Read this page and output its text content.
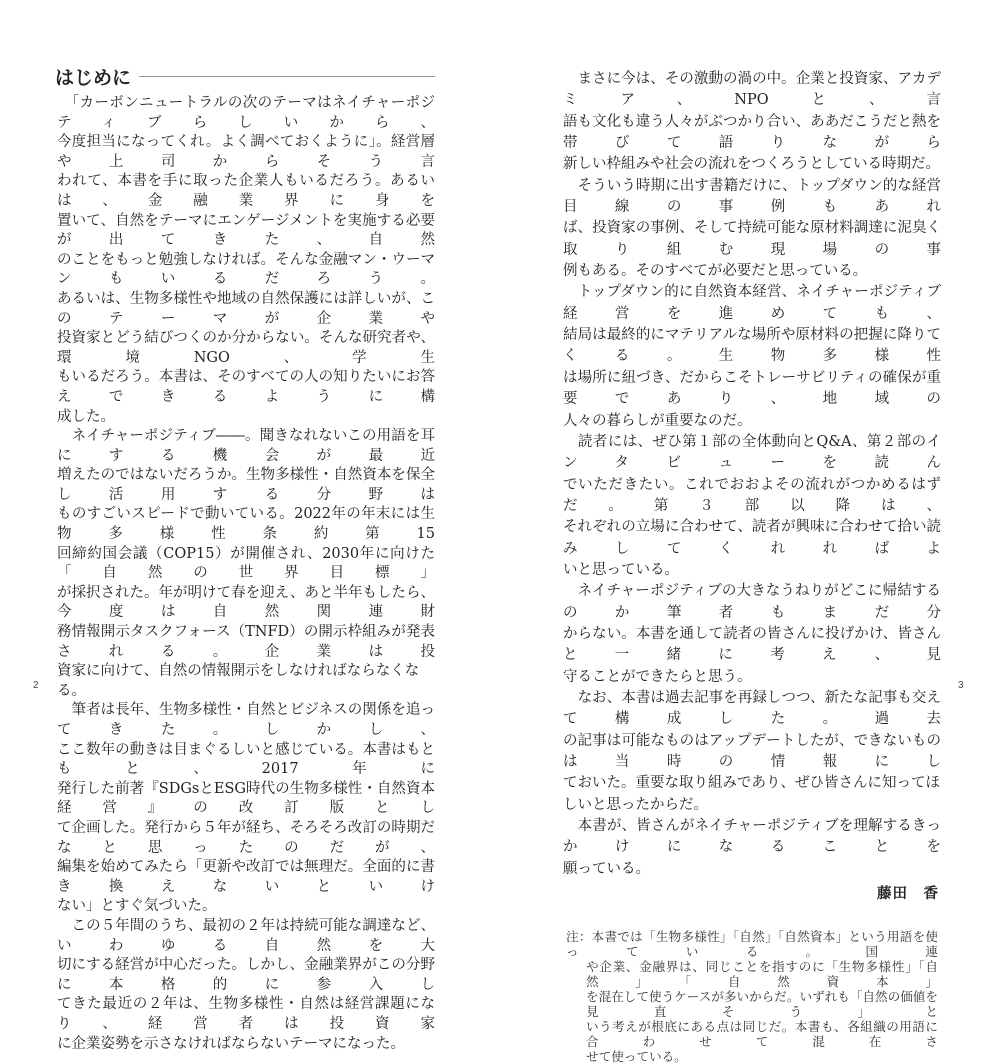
はじめに
　「カーボンニュートラルの次のテーマはネイチャーポジティブらしいから、
今度担当になってくれ。よく調べておくように」。経営層や上司からそう言
われて、本書を手に取った企業人もいるだろう。あるいは、金融業界に身を
置いて、自然をテーマにエンゲージメントを実施する必要が出てきた、自然
のことをもっと勉強しなければ。そんな金融マン・ウーマンもいるだろう。
あるいは、生物多様性や地域の自然保護には詳しいが、このテーマが企業や
投資家とどう結びつくのか分からない。そんな研究者や、環境NGO、学生
もいるだろう。本書は、そのすべての人の知りたいにお答えできるように構
成した。
　ネイチャーポジティブ――。聞きなれないこの用語を耳にする機会が最近
増えたのではないだろうか。生物多様性・自然資本を保全し活用する分野は
ものすごいスピードで動いている。2022年の年末には生物多様性条約第15
回締約国会議（COP15）が開催され、2030年に向けた「自然の世界目標」
が採択された。年が明けて春を迎え、あと半年もしたら、今度は自然関連財
務情報開示タスクフォース（TNFD）の開示枠組みが発表される。企業は投
資家に向けて、自然の情報開示をしなければならなくなる。
　筆者は長年、生物多様性・自然とビジネスの関係を追ってきた。しかし、
ここ数年の動きは目まぐるしいと感じている。本書はもともと、2017年に
発行した前著『SDGsとESG時代の生物多様性・自然資本経営』の改訂版とし
て企画した。発行から５年が経ち、そろそろ改訂の時期だなと思ったのだが、
編集を始めてみたら「更新や改訂では無理だ。全面的に書き換えないといけ
ない」とすぐ気づいた。
　この５年間のうち、最初の２年は持続可能な調達など、いわゆる自然を大
切にする経営が中心だった。しかし、金融業界がこの分野に本格的に参入し
てきた最近の２年は、生物多様性・自然は経営課題になり、経営者は投資家
に企業姿勢を示さなければならないテーマになった。
2
　まさに今は、その激動の渦の中。企業と投資家、アカデミア、NPOと、言
語も文化も違う人々がぶつかり合い、ああだこうだと熱を帯びて語りながら
新しい枠組みや社会の流れをつくろうとしている時期だ。
　そういう時期に出す書籍だけに、トップダウン的な経営目線の事例もあれ
ば、投資家の事例、そして持続可能な原材料調達に泥臭く取り組む現場の事
例もある。そのすべてが必要だと思っている。
　トップダウン的に自然資本経営、ネイチャーポジティブ経営を進めても、
結局は最終的にマテリアルな場所や原材料の把握に降りてくる。生物多様性
は場所に紐づき、だからこそトレーサビリティの確保が重要であり、地域の
人々の暮らしが重要なのだ。
　読者には、ぜひ第１部の全体動向とQ&A、第２部のインタビューを読ん
でいただきたい。これでおおよその流れがつかめるはずだ。第３部以降は、
それぞれの立場に合わせて、読者が興味に合わせて拾い読みしてくれればよ
いと思っている。
　ネイチャーポジティブの大きなうねりがどこに帰結するのか筆者もまだ分
からない。本書を通して読者の皆さんに投げかけ、皆さんと一緒に考え、見
守ることができたらと思う。
　なお、本書は過去記事を再録しつつ、新たな記事も交えて構成した。過去
の記事は可能なものはアップデートしたが、できないものは当時の情報にし
ておいた。重要な取り組みであり、ぜひ皆さんに知ってほしいと思ったからだ。
　本書が、皆さんがネイチャーポジティブを理解するきっかけになることを
願っている。
藤田　香
注：本書では「生物多様性」「自然」「自然資本」という用語を使っている。国連
や企業、金融界は、同じことを指すのに「生物多様性」「自然」「自然資本」
を混在して使うケースが多いからだ。いずれも「自然の価値を見直そう」と
いう考えが根底にある点は同じだ。本書も、各組織の用語に合わせて混在さ
せて使っている。
3
